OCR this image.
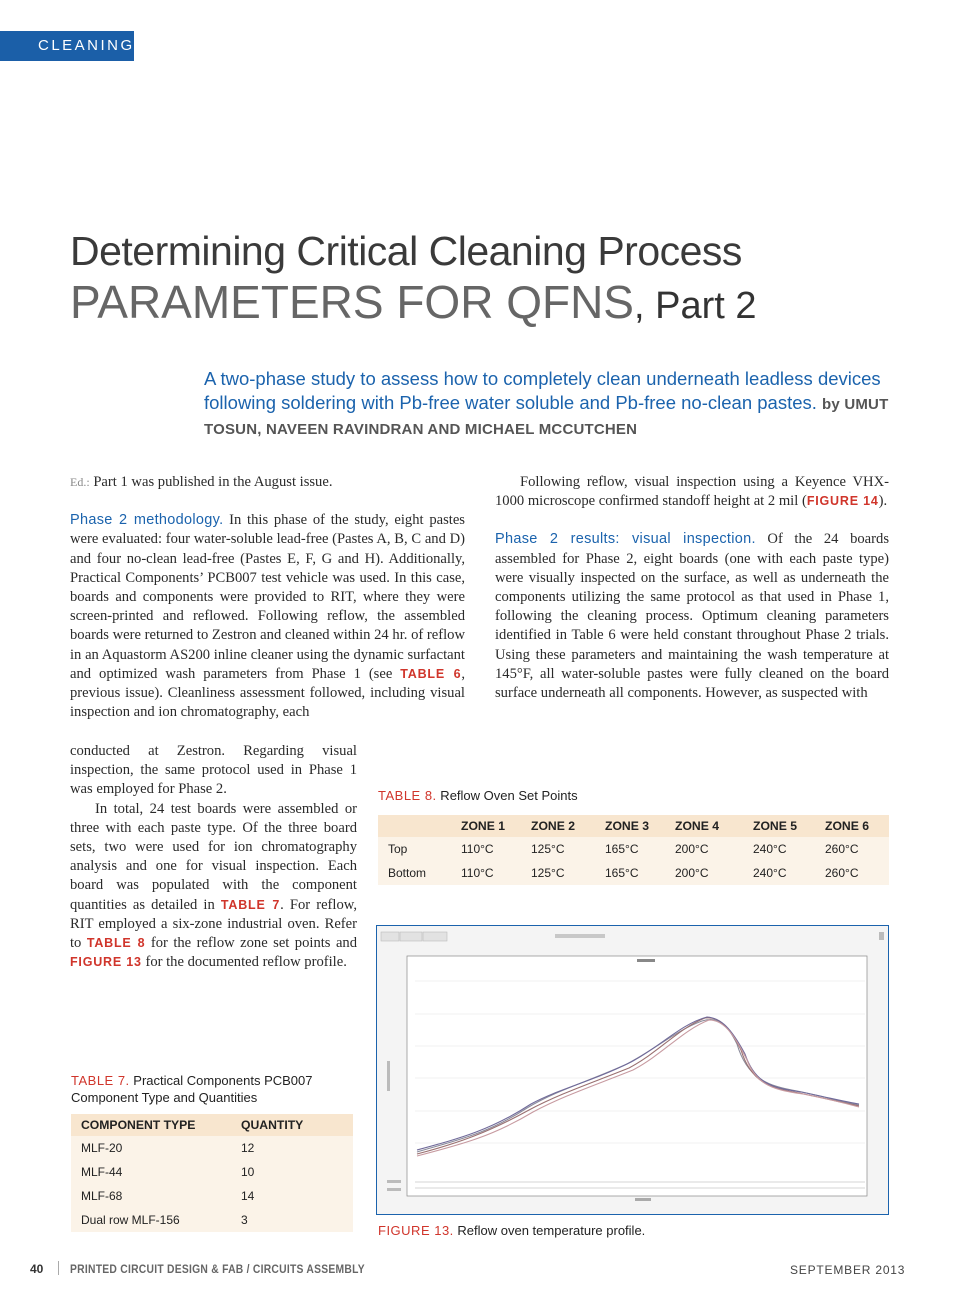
CLEANING
Determining Critical Cleaning Process
PARAMETERS FOR QFNS, Part 2
A two-phase study to assess how to completely clean underneath leadless devices following soldering with Pb-free water soluble and Pb-free no-clean pastes. by UMUT TOSUN, NAVEEN RAVINDRAN AND MICHAEL MCCUTCHEN

Ed.: Part 1 was published in the August issue.

Phase 2 methodology. In this phase of the study, eight pastes were evaluated: four water-soluble lead-free (Pastes A, B, C and D) and four no-clean lead-free (Pastes E, F, G and H). Additionally, Practical Components’ PCB007 test vehicle was used. In this case, boards and components were provided to RIT, where they were screen-printed and reflowed. Following reflow, the assembled boards were returned to Zestron and cleaned within 24 hr. of reflow in an Aquastorm AS200 inline cleaner using the dynamic surfactant and optimized wash parameters from Phase 1 (see TABLE 6, previous issue). Cleanliness assessment followed, including visual inspection and ion chromatography, each

conducted at Zestron. Regarding visual inspection, the same protocol used in Phase 1 was employed for Phase 2.

In total, 24 test boards were assembled or three with each paste type. Of the three board sets, two were used for ion chromatography analysis and one for visual inspection. Each board was populated with the component quantities as detailed in TABLE 7. For reflow, RIT employed a six-zone industrial oven. Refer to TABLE 8 for the reflow zone set points and FIGURE 13 for the documented reflow profile.

Following reflow, visual inspection using a Keyence VHX-1000 microscope confirmed standoff height at 2 mil (FIGURE 14).

Phase 2 results: visual inspection. Of the 24 boards assembled for Phase 2, eight boards (one with each paste type) were visually inspected on the surface, as well as underneath the components utilizing the same protocol as that used in Phase 1, following the cleaning process. Optimum cleaning parameters identified in Table 6 were held constant throughout Phase 2 trials. Using these parameters and maintaining the wash temperature at 145°F, all water-soluble pastes were fully cleaned on the board surface underneath all components. However, as suspected with

TABLE 8. Reflow Oven Set Points
	ZONE 1	ZONE 2	ZONE 3	ZONE 4	ZONE 5	ZONE 6
Top	110°C	125°C	165°C	200°C	240°C	260°C
Bottom	110°C	125°C	165°C	200°C	240°C	260°C
FIGURE 13. Reflow oven temperature profile.
TABLE 7. Practical Components PCB007
Component Type and Quantities
COMPONENT TYPE	QUANTITY
MLF-20	12
MLF-44	10
MLF-68	14
Dual row MLF-156	3
40 PRINTED CIRCUIT DESIGN & FAB / CIRCUITS ASSEMBLY	SEPTEMBER 2013
